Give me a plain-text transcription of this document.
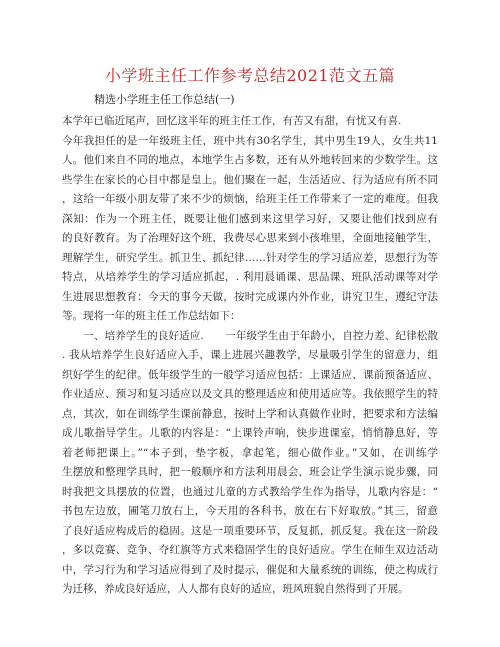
小学班主任工作参考总结2021范文五篇
精选小学班主任工作总结(一)
本学年已临近尾声，回忆这半年的班主任工作，有苦又有甜，有忧又有喜.
今年我担任的是一年级班主任，班中共有30名学生，其中男生19人，女生共11
人。他们来自不同的地点，本地学生占多数，还有从外地转回来的少数学生。这
些学生在家长的心目中都是皇上。他们聚在一起，生活适应、行为适应有所不同
，这给一年级小朋友带了来不少的烦恼，给班主任工作带来了一定的难度。但我
深知：作为一个班主任，既要让他们感到来这里学习好，又要让他们找到应有
的良好教育。为了治理好这个班，我费尽心思来到小孩堆里，全面地接触学生，
理解学生，研究学生。抓卫生、抓纪律……针对学生的学习适应差，思想行为等
特点，从培养学生的学习适应抓起，. 利用晨诵课、思品课、班队活动课等对学
生进展思想教育：今天的事今天做，按时完成课内外作业，讲究卫生，遵纪守法
等。现将一年的班主任工作总结如下：
　　一、培养学生的良好适应.　　一年级学生由于年龄小，自控力差、纪律松散
. 我从培养学生良好适应入手，课上进展兴趣教学，尽量吸引学生的留意力，组
织好学生的纪律。低年级学生的一般学习适应包括：上课适应、课前预备适应、
作业适应、预习和复习适应以及文具的整理适应和使用适应等。我依照学生的特
点，其次，如在训练学生课前静息，按时上学和认真做作业时，把要求和方法编
成儿歌指导学生。儿歌的内容是：“上课铃声响，快步进课室，悄悄静息好，等
着老师把课上。”“本子到，垫字板，拿起笔，细心做作业。”又如，在训练学
生摆放和整理学具时，把一般顺序和方法利用晨会，班会让学生演示说步骤，同
时我把文具摆放的位置，也通过儿童的方式教给学生作为指导，儿歌内容是：“
书包左边放，圃笔刀放右上，今天用的各科书，放在右下好取放。”其三，留意
了良好适应构成后的稳固。这是一项重要环节，反复抓，抓反复。我在这一阶段
，多以竞赛、竞争、夺红旗等方式来稳固学生的良好适应。学生在师生双边活动
中，学习行为和学习适应得到了及时提示，催促和大量系统的训练，使之构成行
为迁移，养成良好适应，人人都有良好的适应，班风班貌自然得到了开展。
